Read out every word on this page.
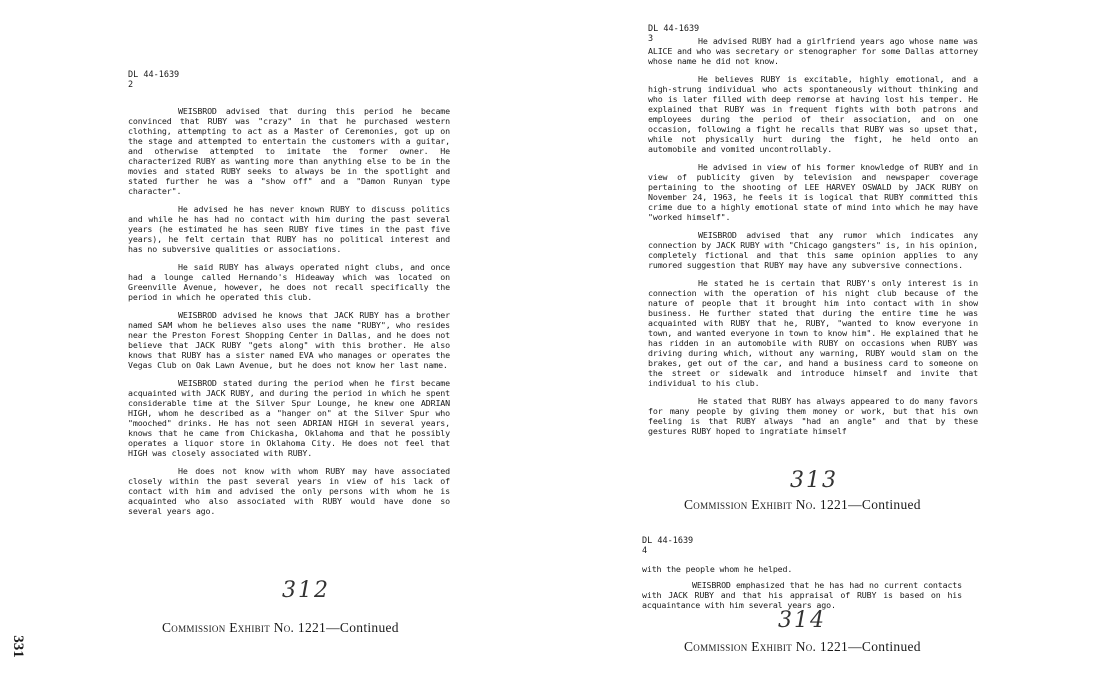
DL 44-1639

2

WEISBROD advised that during this period he became convinced that RUBY was "crazy" in that he purchased western clothing, attempting to act as a Master of Ceremonies, got up on the stage and attempted to entertain the customers with a guitar, and otherwise attempted to imitate the former owner. He characterized RUBY as wanting more than anything else to be in the movies and stated RUBY seeks to always be in the spotlight and stated further he was a "show off" and a "Damon Runyan type character".

He advised he has never known RUBY to discuss politics and while he has had no contact with him during the past several years (he estimated he has seen RUBY five times in the past five years), he felt certain that RUBY has no political interest and has no subversive qualities or associations.

He said RUBY has always operated night clubs, and once had a lounge called Hernando's Hideaway which was located on Greenville Avenue, however, he does not recall specifically the period in which he operated this club.

WEISBROD advised he knows that JACK RUBY has a brother named SAM whom he believes also uses the name "RUBY", who resides near the Preston Forest Shopping Center in Dallas, and he does not believe that JACK RUBY "gets along" with this brother. He also knows that RUBY has a sister named EVA who manages or operates the Vegas Club on Oak Lawn Avenue, but he does not know her last name.

WEISBROD stated during the period when he first became acquainted with JACK RUBY, and during the period in which he spent considerable time at the Silver Spur Lounge, he knew one ADRIAN HIGH, whom he described as a "hanger on" at the Silver Spur who "mooched" drinks. He has not seen ADRIAN HIGH in several years, knows that he came from Chickasha, Oklahoma and that he possibly operates a liquor store in Oklahoma City. He does not feel that HIGH was closely associated with RUBY.

He does not know with whom RUBY may have associated closely within the past several years in view of his lack of contact with him and advised the only persons with whom he is acquainted who also associated with RUBY would have done so several years ago.

312
Commission Exhibit No. 1221—Continued
331

DL 44-1639

3	He advised RUBY had a girlfriend years ago whose name was ALICE and who was secretary or stenographer for some Dallas attorney whose name he did not know.

He believes RUBY is excitable, highly emotional, and a high-strung individual who acts spontaneously without thinking and who is later filled with deep remorse at having lost his temper. He explained that RUBY was in frequent fights with both patrons and employees during the period of their association, and on one occasion, following a fight he recalls that RUBY was so upset that, while not physically hurt during the fight, he held onto an automobile and vomited uncontrollably.

He advised in view of his former knowledge of RUBY and in view of publicity given by television and newspaper coverage pertaining to the shooting of LEE HARVEY OSWALD by JACK RUBY on November 24, 1963, he feels it is logical that RUBY committed this crime due to a highly emotional state of mind into which he may have "worked himself".

WEISBROD advised that any rumor which indicates any connection by JACK RUBY with "Chicago gangsters" is, in his opinion, completely fictional and that this same opinion applies to any rumored suggestion that RUBY may have any subversive connections.

He stated he is certain that RUBY's only interest is in connection with the operation of his night club because of the nature of people that it brought him into contact with in show business. He further stated that during the entire time he was acquainted with RUBY that he, RUBY, "wanted to know everyone in town, and wanted everyone in town to know him". He explained that he has ridden in an automobile with RUBY on occasions when RUBY was driving during which, without any warning, RUBY would slam on the brakes, get out of the car, and hand a business card to someone on the street or sidewalk and introduce himself and invite that individual to his club.

He stated that RUBY has always appeared to do many favors for many people by giving them money or work, but that his own feeling is that RUBY always "had an angle" and that by these gestures RUBY hoped to ingratiate himself

313
Commission Exhibit No. 1221—Continued

DL 44-1639

4

with the people whom he helped.

WEISBROD emphasized that he has had no current contacts with JACK RUBY and that his appraisal of RUBY is based on his acquaintance with him several years ago.

314
Commission Exhibit No. 1221—Continued
